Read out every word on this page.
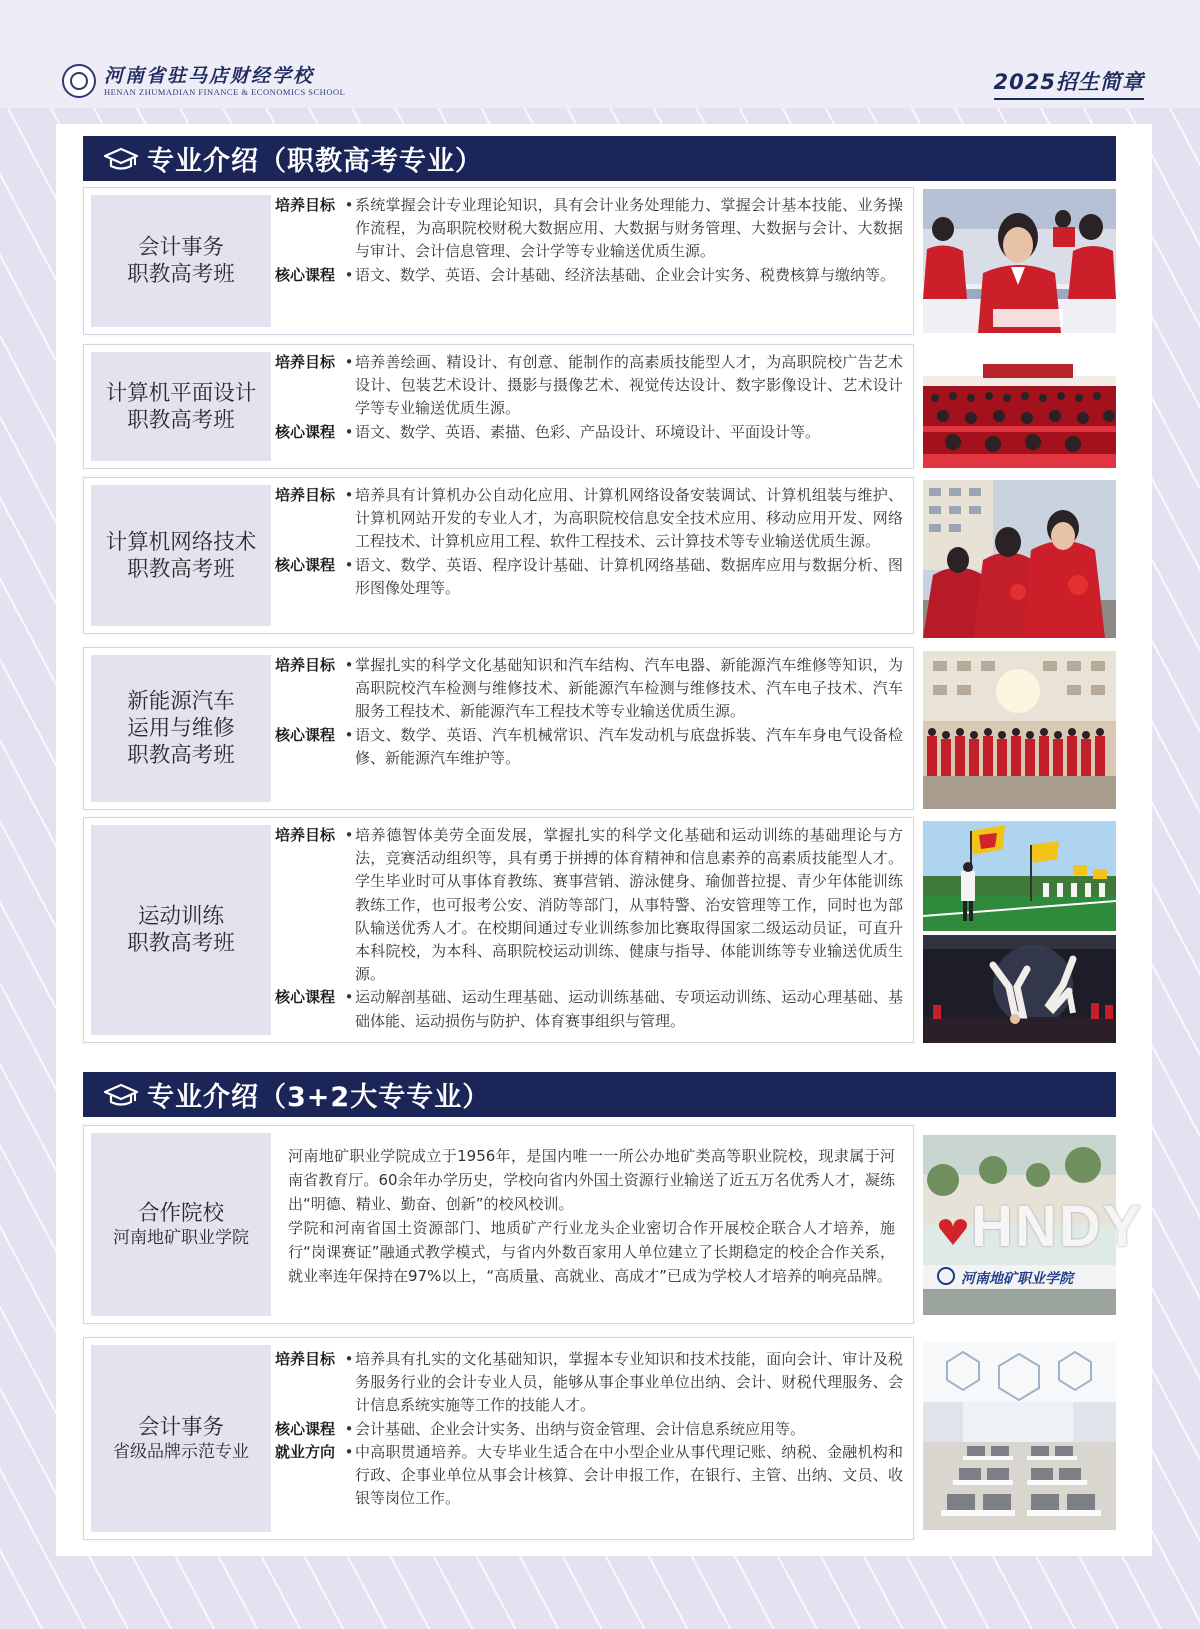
河南省驻马店财经学校
HENAN ZHUMADIAN FINANCE & ECONOMICS SCHOOL	2025招生简章
专业介绍（职教高考专业）
会计事务
职教高考班
培养目标 • 系统掌握会计专业理论知识，具有会计业务处理能力、掌握会计基本技能、业务操作流程，为高职院校财税大数据应用、大数据与财务管理、大数据与会计、大数据与审计、会计信息管理、会计学等专业输送优质生源。
核心课程 • 语文、数学、英语、会计基础、经济法基础、企业会计实务、税费核算与缴纳等。
计算机平面设计
职教高考班
培养目标 • 培养善绘画、精设计、有创意、能制作的高素质技能型人才，为高职院校广告艺术设计、包装艺术设计、摄影与摄像艺术、视觉传达设计、数字影像设计、艺术设计学等专业输送优质生源。
核心课程 • 语文、数学、英语、素描、色彩、产品设计、环境设计、平面设计等。
计算机网络技术
职教高考班
培养目标 • 培养具有计算机办公自动化应用、计算机网络设备安装调试、计算机组装与维护、计算机网站开发的专业人才，为高职院校信息安全技术应用、移动应用开发、网络工程技术、计算机应用工程、软件工程技术、云计算技术等专业输送优质生源。
核心课程 • 语文、数学、英语、程序设计基础、计算机网络基础、数据库应用与数据分析、图形图像处理等。
新能源汽车
运用与维修
职教高考班
培养目标 • 掌握扎实的科学文化基础知识和汽车结构、汽车电器、新能源汽车维修等知识，为高职院校汽车检测与维修技术、新能源汽车检测与维修技术、汽车电子技术、汽车服务工程技术、新能源汽车工程技术等专业输送优质生源。
核心课程 • 语文、数学、英语、汽车机械常识、汽车发动机与底盘拆装、汽车车身电气设备检修、新能源汽车维护等。
运动训练
职教高考班
培养目标 • 培养德智体美劳全面发展，掌握扎实的科学文化基础和运动训练的基础理论与方法，竞赛活动组织等，具有勇于拼搏的体育精神和信息素养的高素质技能型人才。学生毕业时可从事体育教练、赛事营销、游泳健身、瑜伽普拉提、青少年体能训练教练工作，也可报考公安、消防等部门，从事特警、治安管理等工作，同时也为部队输送优秀人才。在校期间通过专业训练参加比赛取得国家二级运动员证，可直升本科院校，为本科、高职院校运动训练、健康与指导、体能训练等专业输送优质生源。
核心课程 • 运动解剖基础、运动生理基础、运动训练基础、专项运动训练、运动心理基础、基础体能、运动损伤与防护、体育赛事组织与管理。
专业介绍（3+2大专专业）
合作院校
河南地矿职业学院
河南地矿职业学院成立于1956年，是国内唯一一所公办地矿类高等职业院校，现隶属于河南省教育厅。60余年办学历史，学校向省内外国土资源行业输送了近五万名优秀人才，凝练出“明德、精业、勤奋、创新”的校风校训。
学院和河南省国土资源部门、地质矿产行业龙头企业密切合作开展校企联合人才培养，施行“岗课赛证”融通式教学模式，与省内外数百家用人单位建立了长期稳定的校企合作关系，就业率连年保持在97%以上，“高质量、高就业、高成才”已成为学校人才培养的响亮品牌。
HNDY
河南地矿职业学院
会计事务
省级品牌示范专业
培养目标 • 培养具有扎实的文化基础知识，掌握本专业知识和技术技能，面向会计、审计及税务服务行业的会计专业人员，能够从事企事业单位出纳、会计、财税代理服务、会计信息系统实施等工作的技能人才。
核心课程 • 会计基础、企业会计实务、出纳与资金管理、会计信息系统应用等。
就业方向 • 中高职贯通培养。大专毕业生适合在中小型企业从事代理记账、纳税、金融机构和行政、企事业单位从事会计核算、会计申报工作，在银行、主管、出纳、文员、收银等岗位工作。
